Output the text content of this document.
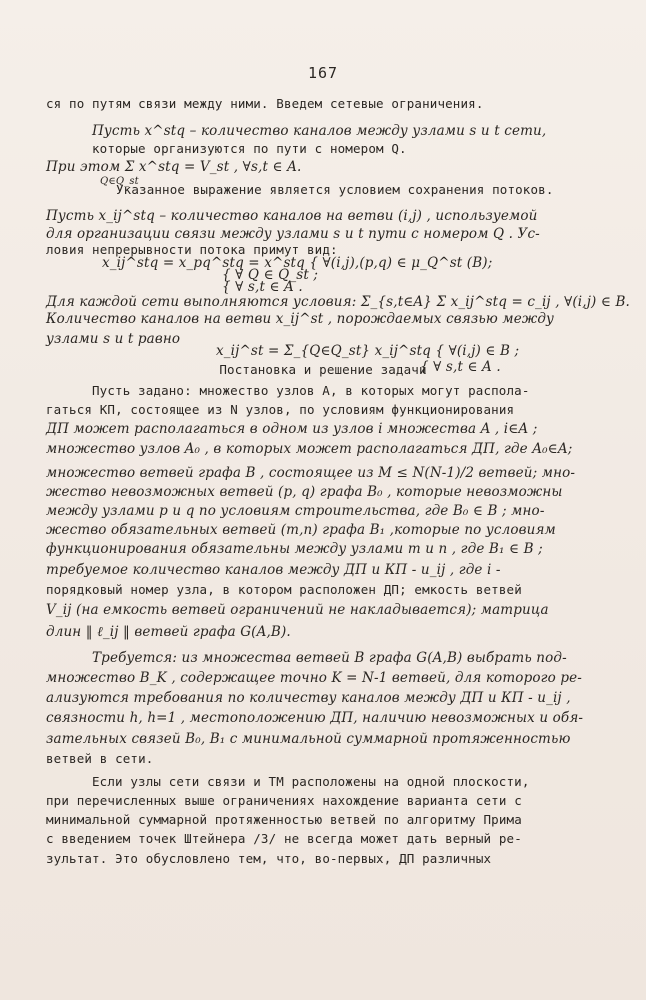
167
ся по путям связи между ними. Введем сетевые ограничения.
Пусть x^stq – количество каналов между узлами s и t сети,
которые организуются по пути с номером Q.
При этом Σ x^stq = V_st , ∀s,t ∈ A.
Q∈Q_st
Указанное выражение является условием сохранения потоков.
Пусть x_ij^stq – количество каналов на ветви (i,j) , используемой
для организации связи между узлами s и t пути с номером Q . Ус-
ловия непрерывности потока примут вид:
x_ij^stq = x_pq^stq = x^stq { ∀(i,j),(p,q) ∈ μ_Q^st (B);
{ ∀ Q ∈ Q_st ;
{ ∀ s,t ∈ A .
Для каждой сети выполняются условия: Σ_{s,t∈A} Σ x_ij^stq = c_ij , ∀(i,j) ∈ B.
Количество каналов на ветви x_ij^st , порождаемых связью между
узлами s и t равно
x_ij^st = Σ_{Q∈Q_st} x_ij^stq { ∀(i,j) ∈ B ;
{ ∀ s,t ∈ A .
Постановка и решение задачи
Пусть задано: множество узлов A, в которых могут распола-
гаться КП, состоящее из N узлов, по условиям функционирования
ДП может располагаться в одном из узлов i множества A , i∈A ;
множество узлов A₀ , в которых может располагаться ДП, где A₀∈A;
множество ветвей графа B , состоящее из M ≤ N(N-1)/2 ветвей; мно-
жество невозможных ветвей (p, q) графа B₀ , которые невозможны
между узлами p и q по условиям строительства, где B₀ ∈ B ; мно-
жество обязательных ветвей (m,n) графа B₁ ,которые по условиям
функционирования обязательны между узлами m и n , где B₁ ∈ B ;
требуемое количество каналов между ДП и КП - u_ij , где i -
порядковый номер узла, в котором расположен ДП; емкость ветвей
V_ij (на емкость ветвей ограничений не накладывается); матрица
длин ‖ ℓ_ij ‖ ветвей графа G(A,B).
Требуется: из множества ветвей B графа G(A,B) выбрать под-
множество B_K , содержащее точно K = N-1 ветвей, для которого ре-
ализуются требования по количеству каналов между ДП и КП - u_ij ,
связности h, h=1 , местоположению ДП, наличию невозможных и обя-
зательных связей B₀, B₁ с минимальной суммарной протяженностью
ветвей в сети.
Если узлы сети связи и ТМ расположены на одной плоскости,
при перечисленных выше ограничениях нахождение варианта сети с
минимальной суммарной протяженностью ветвей по алгоритму Прима
с введением точек Штейнера /3/ не всегда может дать верный ре-
зультат. Это обусловлено тем, что, во-первых, ДП различных
